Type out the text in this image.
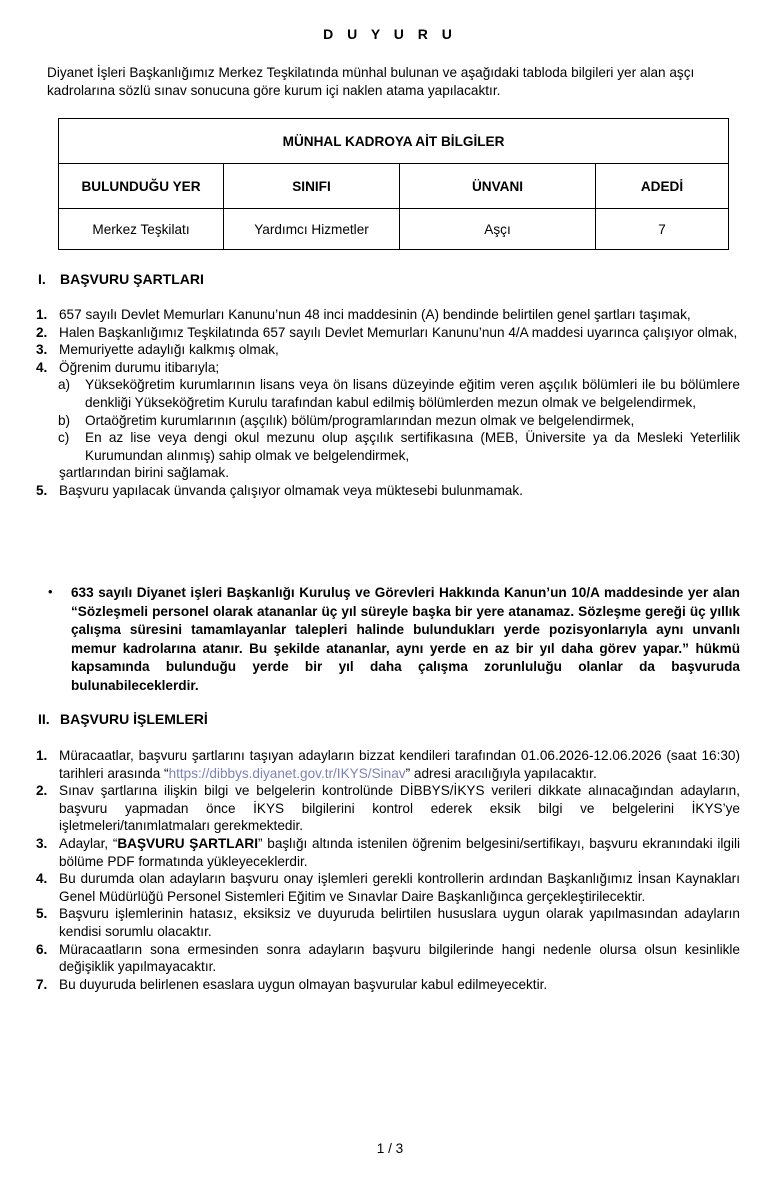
D U Y U R U
Diyanet İşleri Başkanlığımız Merkez Teşkilatında münhal bulunan ve aşağıdaki tabloda bilgileri yer alan aşçı kadrolarına sözlü sınav sonucuna göre kurum içi naklen atama yapılacaktır.
MÜNHAL KADROYA AİT BİLGİLER			
BULUNDUĞU YER	SINIFI	ÜNVANI	ADEDİ
Merkez Teşkilatı	Yardımcı Hizmetler	Aşçı	7
I. BAŞVURU ŞARTLARI
1. 657 sayılı Devlet Memurları Kanunu’nun 48 inci maddesinin (A) bendinde belirtilen genel şartları taşımak,
2. Halen Başkanlığımız Teşkilatında 657 sayılı Devlet Memurları Kanunu’nun 4/A maddesi uyarınca çalışıyor olmak,
3. Memuriyette adaylığı kalkmış olmak,
4. Öğrenim durumu itibarıyla;
a) Yükseköğretim kurumlarının lisans veya ön lisans düzeyinde eğitim veren aşçılık bölümleri ile bu bölümlere denkliği Yükseköğretim Kurulu tarafından kabul edilmiş bölümlerden mezun olmak ve belgelendirmek,
b) Ortaöğretim kurumlarının (aşçılık) bölüm/programlarından mezun olmak ve belgelendirmek,
c) En az lise veya dengi okul mezunu olup aşçılık sertifikasına (MEB, Üniversite ya da Mesleki Yeterlilik Kurumundan alınmış) sahip olmak ve belgelendirmek,
şartlarından birini sağlamak.
5. Başvuru yapılacak ünvanda çalışıyor olmamak veya müktesebi bulunmamak.
•	633 sayılı Diyanet işleri Başkanlığı Kuruluş ve Görevleri Hakkında Kanun’un 10/A maddesinde yer alan “Sözleşmeli personel olarak atananlar üç yıl süreyle başka bir yere atanamaz. Sözleşme gereği üç yıllık çalışma süresini tamamlayanlar talepleri halinde bulundukları yerde pozisyonlarıyla aynı unvanlı memur kadrolarına atanır. Bu şekilde atananlar, aynı yerde en az bir yıl daha görev yapar.” hükmü kapsamında bulunduğu yerde bir yıl daha çalışma zorunluluğu olanlar da başvuruda bulunabileceklerdir.
II. BAŞVURU İŞLEMLERİ
1. Müracaatlar, başvuru şartlarını taşıyan adayların bizzat kendileri tarafından 01.06.2026-12.06.2026 (saat 16:30) tarihleri arasında “https://dibbys.diyanet.gov.tr/IKYS/Sinav” adresi aracılığıyla yapılacaktır.
2. Sınav şartlarına ilişkin bilgi ve belgelerin kontrolünde DİBBYS/İKYS verileri dikkate alınacağından adayların, başvuru yapmadan önce İKYS bilgilerini kontrol ederek eksik bilgi ve belgelerini İKYS’ye işletmeleri/tanımlatmaları gerekmektedir.
3. Adaylar, “BAŞVURU ŞARTLARI” başlığı altında istenilen öğrenim belgesini/sertifikayı, başvuru ekranındaki ilgili bölüme PDF formatında yükleyeceklerdir.
4. Bu durumda olan adayların başvuru onay işlemleri gerekli kontrollerin ardından Başkanlığımız İnsan Kaynakları Genel Müdürlüğü Personel Sistemleri Eğitim ve Sınavlar Daire Başkanlığınca gerçekleştirilecektir.
5. Başvuru işlemlerinin hatasız, eksiksiz ve duyuruda belirtilen hususlara uygun olarak yapılmasından adayların kendisi sorumlu olacaktır.
6. Müracaatların sona ermesinden sonra adayların başvuru bilgilerinde hangi nedenle olursa olsun kesinlikle değişiklik yapılmayacaktır.
7. Bu duyuruda belirlenen esaslara uygun olmayan başvurular kabul edilmeyecektir.
1 / 3
